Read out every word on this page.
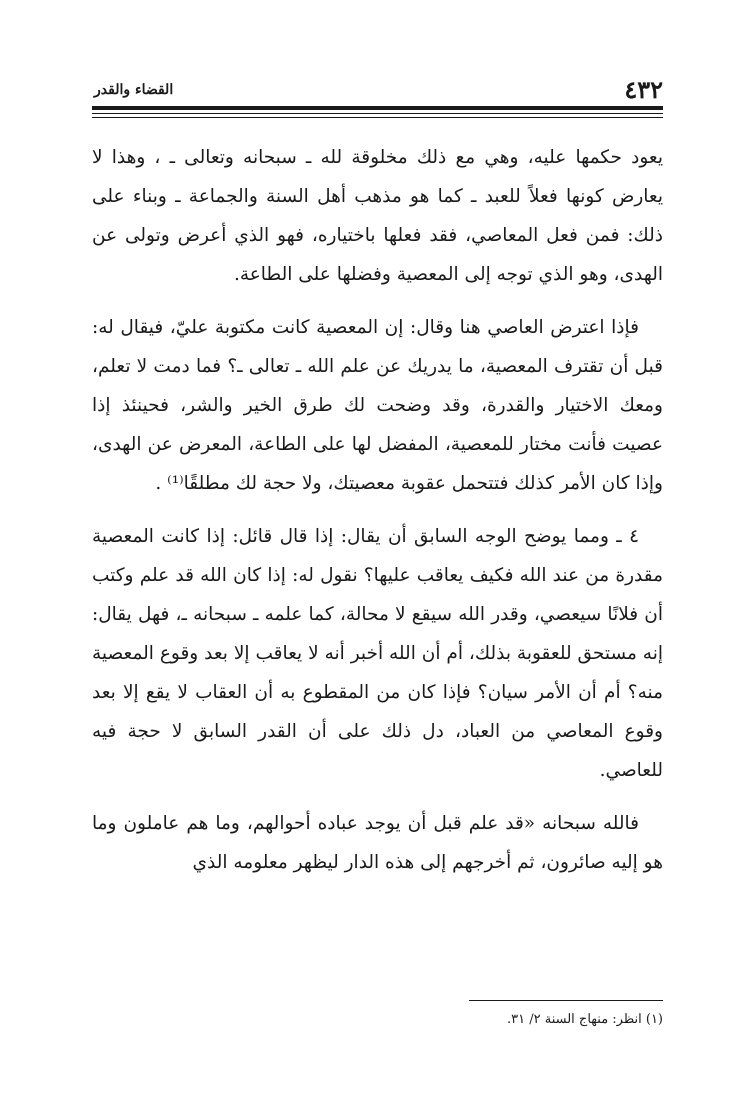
٤٣٢
القضاء والقدر

يعود حكمها عليه، وهي مع ذلك مخلوقة لله ـ سبحانه وتعالى ـ ، وهذا لا يعارض كونها فعلاً للعبد ـ كما هو مذهب أهل السنة والجماعة ـ وبناء على ذلك: فمن فعل المعاصي، فقد فعلها باختياره، فهو الذي أعرض وتولى عن الهدى، وهو الذي توجه إلى المعصية وفضلها على الطاعة.

فإذا اعترض العاصي هنا وقال: إن المعصية كانت مكتوبة عليّ، فيقال له: قبل أن تقترف المعصية، ما يدريك عن علم الله ـ تعالى ـ؟ فما دمت لا تعلم، ومعك الاختيار والقدرة، وقد وضحت لك طرق الخير والشر، فحينئذ إذا عصيت فأنت مختار للمعصية، المفضل لها على الطاعة، المعرض عن الهدى، وإذا كان الأمر كذلك فتتحمل عقوبة معصيتك، ولا حجة لك مطلقًا⁽¹⁾ .

٤ ـ ومما يوضح الوجه السابق أن يقال: إذا قال قائل: إذا كانت المعصية مقدرة من عند الله فكيف يعاقب عليها؟ نقول له: إذا كان الله قد علم وكتب أن فلانًا سيعصي، وقدر الله سيقع لا محالة، كما علمه ـ سبحانه ـ، فهل يقال: إنه مستحق للعقوبة بذلك، أم أن الله أخبر أنه لا يعاقب إلا بعد وقوع المعصية منه؟ أم أن الأمر سيان؟ فإذا كان من المقطوع به أن العقاب لا يقع إلا بعد وقوع المعاصي من العباد، دل ذلك على أن القدر السابق لا حجة فيه للعاصي.

فالله سبحانه «قد علم قبل أن يوجد عباده أحوالهم، وما هم عاملون وما هو إليه صائرون، ثم أخرجهم إلى هذه الدار ليظهر معلومه الذي

(١) انظر: منهاج السنة ٢/ ٣١.
